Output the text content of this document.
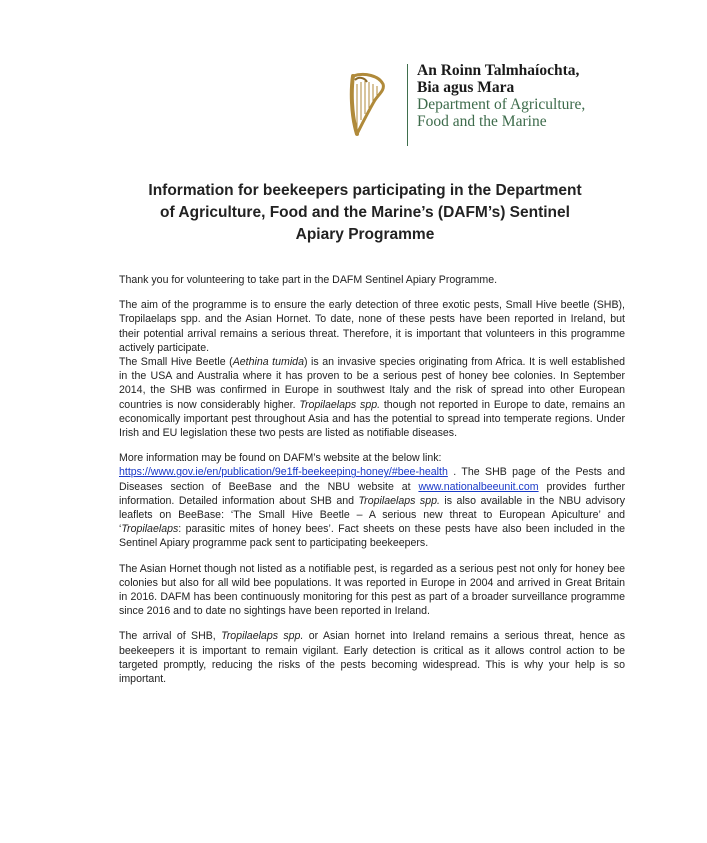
An Roinn Talmhaíochta,
Bia agus Mara
Department of Agriculture,
Food and the Marine
Information for beekeepers participating in the Department
of Agriculture, Food and the Marine’s (DAFM’s) Sentinel
Apiary Programme

Thank you for volunteering to take part in the DAFM Sentinel Apiary Programme.

The aim of the programme is to ensure the early detection of three exotic pests, Small Hive beetle (SHB), Tropilaelaps spp. and the Asian Hornet. To date, none of these pests have been reported in Ireland, but their potential arrival remains a serious threat. Therefore, it is important that volunteers in this programme actively participate.

The Small Hive Beetle (Aethina tumida) is an invasive species originating from Africa. It is well established in the USA and Australia where it has proven to be a serious pest of honey bee colonies. In September 2014, the SHB was confirmed in Europe in southwest Italy and the risk of spread into other European countries is now considerably higher. Tropilaelaps spp. though not reported in Europe to date, remains an economically important pest throughout Asia and has the potential to spread into temperate regions. Under Irish and EU legislation these two pests are listed as notifiable diseases.

More information may be found on DAFM’s website at the below link:
https://www.gov.ie/en/publication/9e1ff-beekeeping-honey/#bee-health . The SHB page of the Pests and Diseases section of BeeBase and the NBU website at www.nationalbeeunit.com provides further information. Detailed information about SHB and Tropilaelaps spp. is also available in the NBU advisory leaflets on BeeBase: ‘The Small Hive Beetle – A serious new threat to European Apiculture’ and ‘Tropilaelaps: parasitic mites of honey bees’. Fact sheets on these pests have also been included in the Sentinel Apiary programme pack sent to participating beekeepers.

The Asian Hornet though not listed as a notifiable pest, is regarded as a serious pest not only for honey bee colonies but also for all wild bee populations. It was reported in Europe in 2004 and arrived in Great Britain in 2016. DAFM has been continuously monitoring for this pest as part of a broader surveillance programme since 2016 and to date no sightings have been reported in Ireland.

The arrival of SHB, Tropilaelaps spp. or Asian hornet into Ireland remains a serious threat, hence as beekeepers it is important to remain vigilant. Early detection is critical as it allows control action to be targeted promptly, reducing the risks of the pests becoming widespread. This is why your help is so important.
